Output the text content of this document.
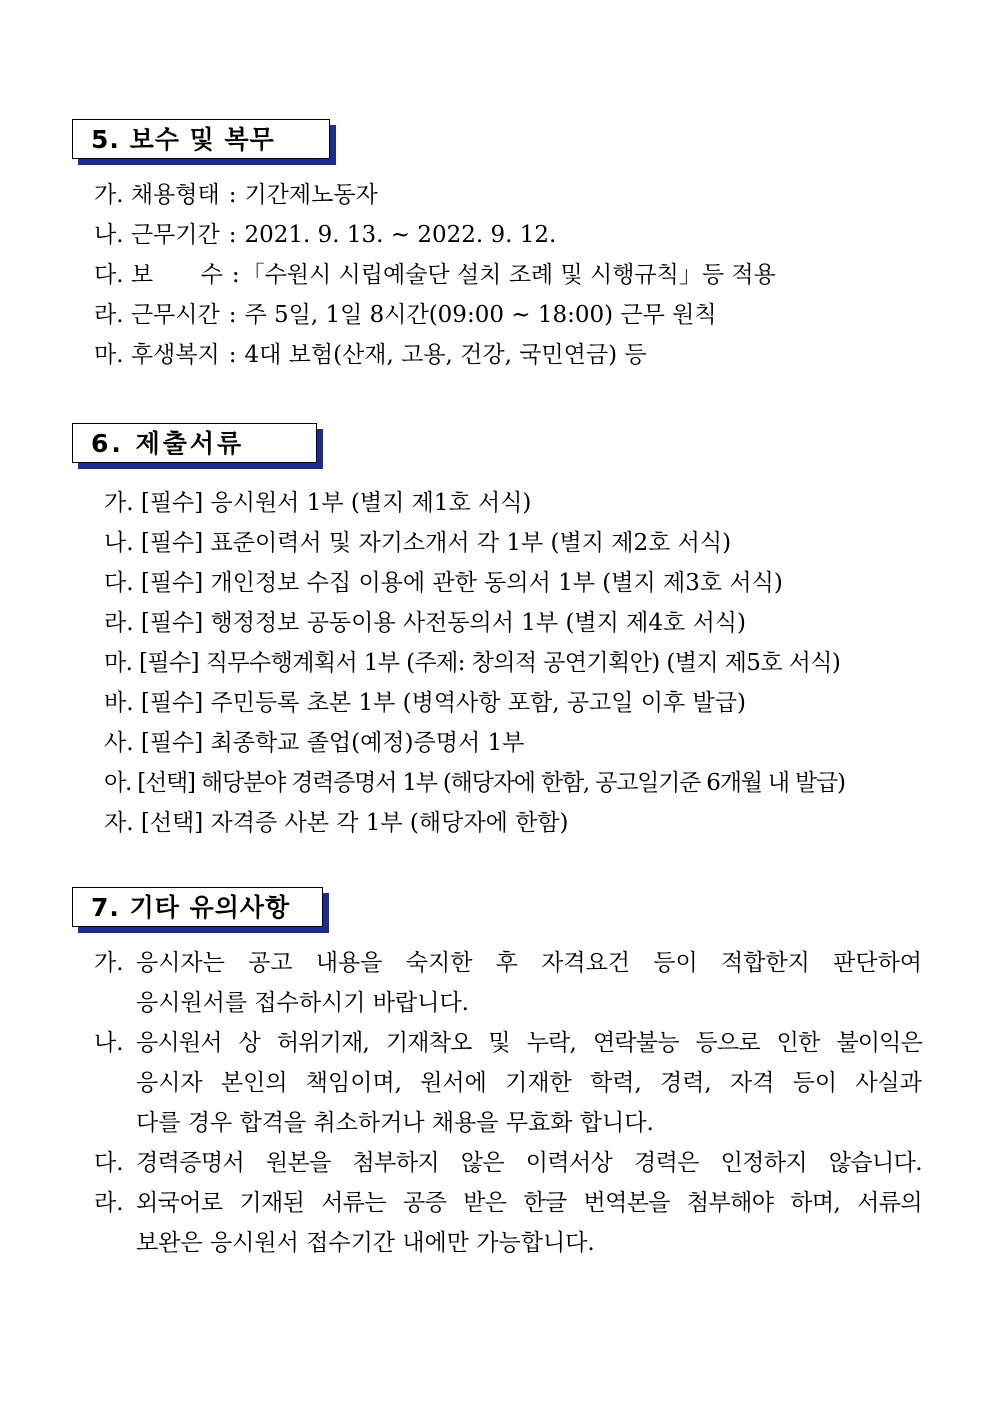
5. 보수 및 복무
가. 채용형태 : 기간제노동자
나. 근무기간 : 2021. 9. 13. ~ 2022. 9. 12.
다. 보 수 :「수원시 시립예술단 설치 조례 및 시행규칙」등 적용
라. 근무시간 : 주 5일, 1일 8시간(09:00 ~ 18:00) 근무 원칙
마. 후생복지 : 4대 보험(산재, 고용, 건강, 국민연금) 등
6. 제출서류
가. [필수] 응시원서 1부 (별지 제1호 서식)
나. [필수] 표준이력서 및 자기소개서 각 1부 (별지 제2호 서식)
다. [필수] 개인정보 수집 이용에 관한 동의서 1부 (별지 제3호 서식)
라. [필수] 행정정보 공동이용 사전동의서 1부 (별지 제4호 서식)
마. [필수] 직무수행계획서 1부 (주제: 창의적 공연기획안) (별지 제5호 서식)
바. [필수] 주민등록 초본 1부 (병역사항 포함, 공고일 이후 발급)
사. [필수] 최종학교 졸업(예정)증명서 1부
아. [선택] 해당분야 경력증명서 1부 (해당자에 한함, 공고일기준 6개월 내 발급)
자. [선택] 자격증 사본 각 1부 (해당자에 한함)
7. 기타 유의사항
가. 응시자는 공고 내용을 숙지한 후 자격요건 등이 적합한지 판단하여
응시원서를 접수하시기 바랍니다.
나. 응시원서 상 허위기재, 기재착오 및 누락, 연락불능 등으로 인한 불이익은
응시자 본인의 책임이며, 원서에 기재한 학력, 경력, 자격 등이 사실과
다를 경우 합격을 취소하거나 채용을 무효화 합니다.
다. 경력증명서 원본을 첨부하지 않은 이력서상 경력은 인정하지 않습니다.
라. 외국어로 기재된 서류는 공증 받은 한글 번역본을 첨부해야 하며, 서류의
보완은 응시원서 접수기간 내에만 가능합니다.
